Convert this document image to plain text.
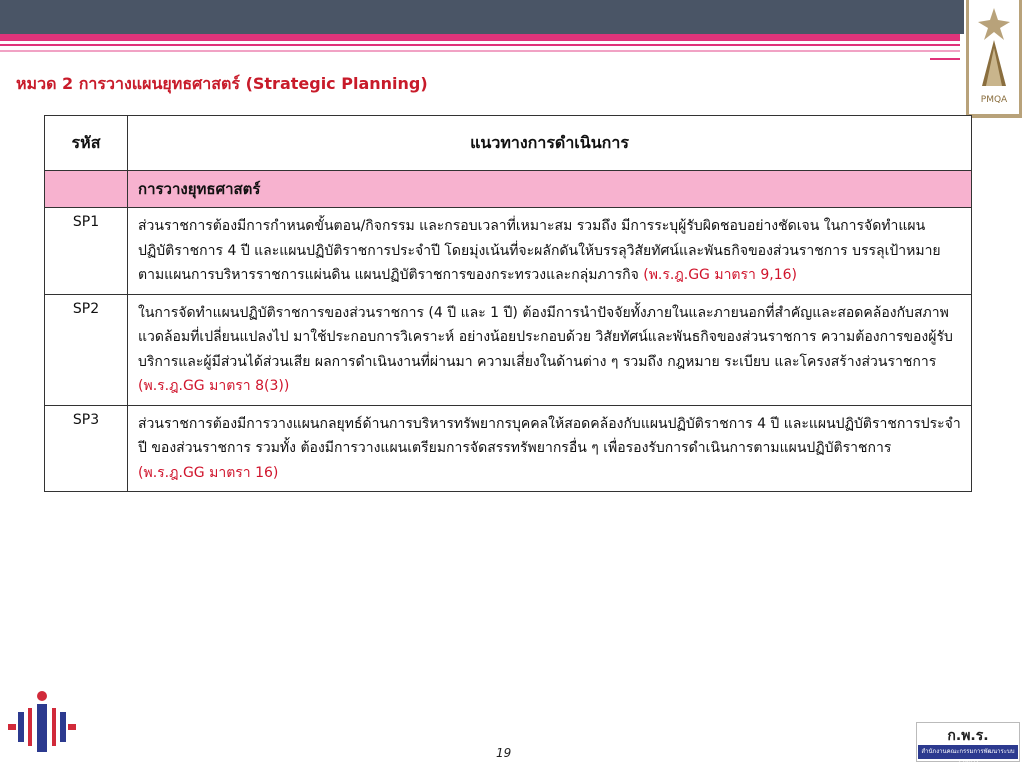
PMQA
หมวด 2 การวางแผนยุทธศาสตร์ (Strategic Planning)
รหัส	แนวทางการดำเนินการ
	การวางยุทธศาสตร์
SP1	ส่วนราชการต้องมีการกำหนดขั้นตอน/กิจกรรม และกรอบเวลาที่เหมาะสม รวมถึง มีการระบุผู้รับผิดชอบอย่างชัดเจน ในการจัดทำแผนปฏิบัติราชการ 4 ปี และแผนปฏิบัติราชการประจำปี โดยมุ่งเน้นที่จะผลักดันให้บรรลุวิสัยทัศน์และพันธกิจของส่วนราชการ บรรลุเป้าหมายตามแผนการบริหารราชการแผ่นดิน แผนปฏิบัติราชการของกระทรวงและกลุ่มภารกิจ (พ.ร.ฎ.GG มาตรา 9,16)
SP2	ในการจัดทำแผนปฏิบัติราชการของส่วนราชการ (4 ปี และ 1 ปี) ต้องมีการนำปัจจัยทั้งภายในและภายนอกที่สำคัญและสอดคล้องกับสภาพแวดล้อมที่เปลี่ยนแปลงไป มาใช้ประกอบการวิเคราะห์ อย่างน้อยประกอบด้วย วิสัยทัศน์และพันธกิจของส่วนราชการ ความต้องการของผู้รับบริการและผู้มีส่วนได้ส่วนเสีย ผลการดำเนินงานที่ผ่านมา ความเสี่ยงในด้านต่าง ๆ รวมถึง กฎหมาย ระเบียบ และโครงสร้างส่วนราชการ (พ.ร.ฎ.GG มาตรา 8(3))
SP3	ส่วนราชการต้องมีการวางแผนกลยุทธ์ด้านการบริหารทรัพยากรบุคคลให้สอดคล้องกับแผนปฏิบัติราชการ 4 ปี และแผนปฏิบัติราชการประจำปี ของส่วนราชการ รวมทั้ง ต้องมีการวางแผนเตรียมการจัดสรรทรัพยากรอื่น ๆ เพื่อรองรับการดำเนินการตามแผนปฏิบัติราชการ (พ.ร.ฎ.GG มาตรา 16)
19
ก.พ.ร.
สำนักงานคณะกรรมการพัฒนาระบบราชการ
